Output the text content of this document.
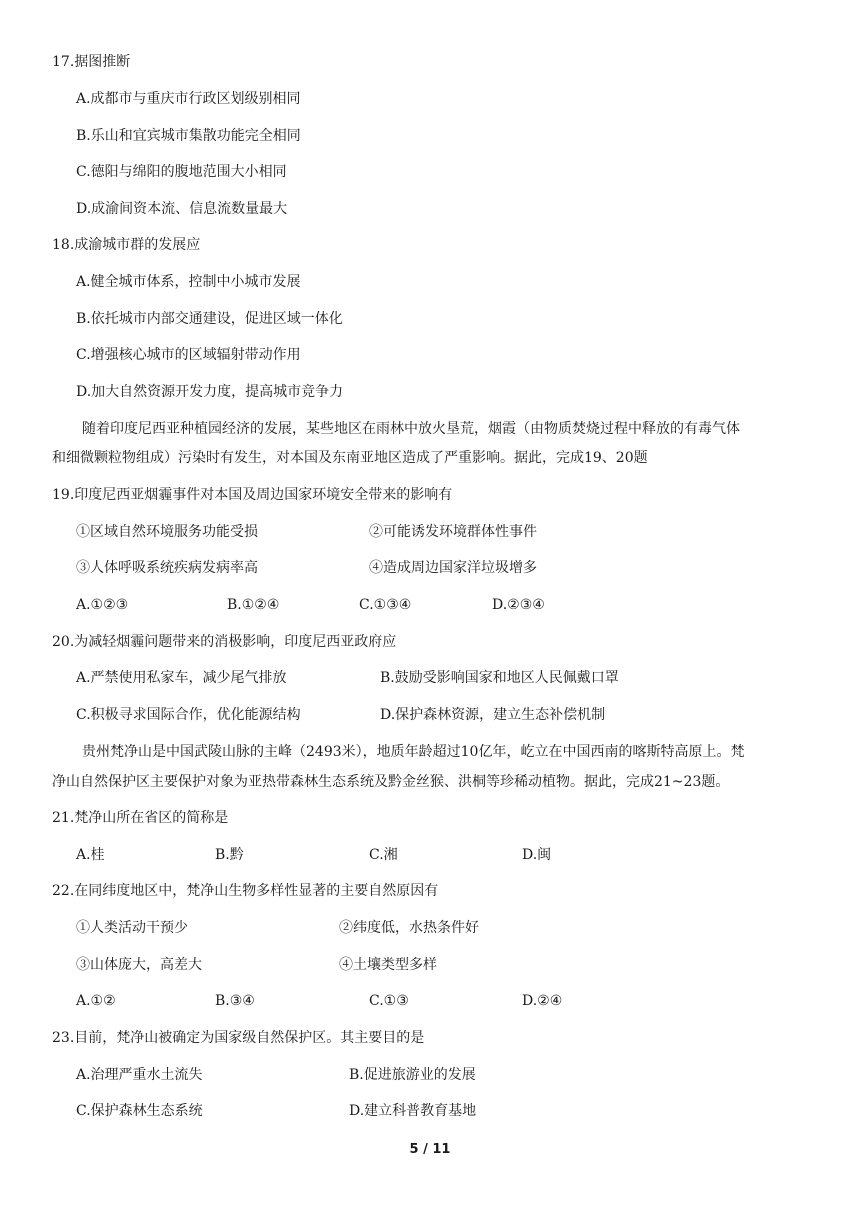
17.据图推断
A.成都市与重庆市行政区划级别相同
B.乐山和宜宾城市集散功能完全相同
C.德阳与绵阳的腹地范围大小相同
D.成渝间资本流、信息流数量最大
18.成渝城市群的发展应
A.健全城市体系，控制中小城市发展
B.依托城市内部交通建设，促进区域一体化
C.增强核心城市的区域辐射带动作用
D.加大自然资源开发力度，提高城市竞争力
随着印度尼西亚种植园经济的发展，某些地区在雨林中放火垦荒，烟霞（由物质焚烧过程中释放的有毒气体
和细微颗粒物组成）污染时有发生，对本国及东南亚地区造成了严重影响。据此，完成19、20题
19.印度尼西亚烟霾事件对本国及周边国家环境安全带来的影响有
①区域自然环境服务功能受损	②可能诱发环境群体性事件
③人体呼吸系统疾病发病率高	④造成周边国家洋垃圾增多
A.①②③	B.①②④	C.①③④	D.②③④
20.为减轻烟霾问题带来的消极影响，印度尼西亚政府应
A.严禁使用私家车，减少尾气排放	B.鼓励受影响国家和地区人民佩戴口罩
C.积极寻求国际合作，优化能源结构	D.保护森林资源，建立生态补偿机制
贵州梵净山是中国武陵山脉的主峰（2493米），地质年龄超过10亿年，屹立在中国西南的喀斯特高原上。梵
净山自然保护区主要保护对象为亚热带森林生态系统及黔金丝猴、洪桐等珍稀动植物。据此，完成21~23题。
21.梵净山所在省区的简称是
A.桂	B.黔	C.湘	D.闽
22.在同纬度地区中，梵净山生物多样性显著的主要自然原因有
①人类活动干预少	②纬度低，水热条件好
③山体庞大，高差大	④土壤类型多样
A.①②	B.③④	C.①③	D.②④
23.目前，梵净山被确定为国家级自然保护区。其主要目的是
A.治理严重水土流失	B.促进旅游业的发展
C.保护森林生态系统	D.建立科普教育基地
5 / 11
